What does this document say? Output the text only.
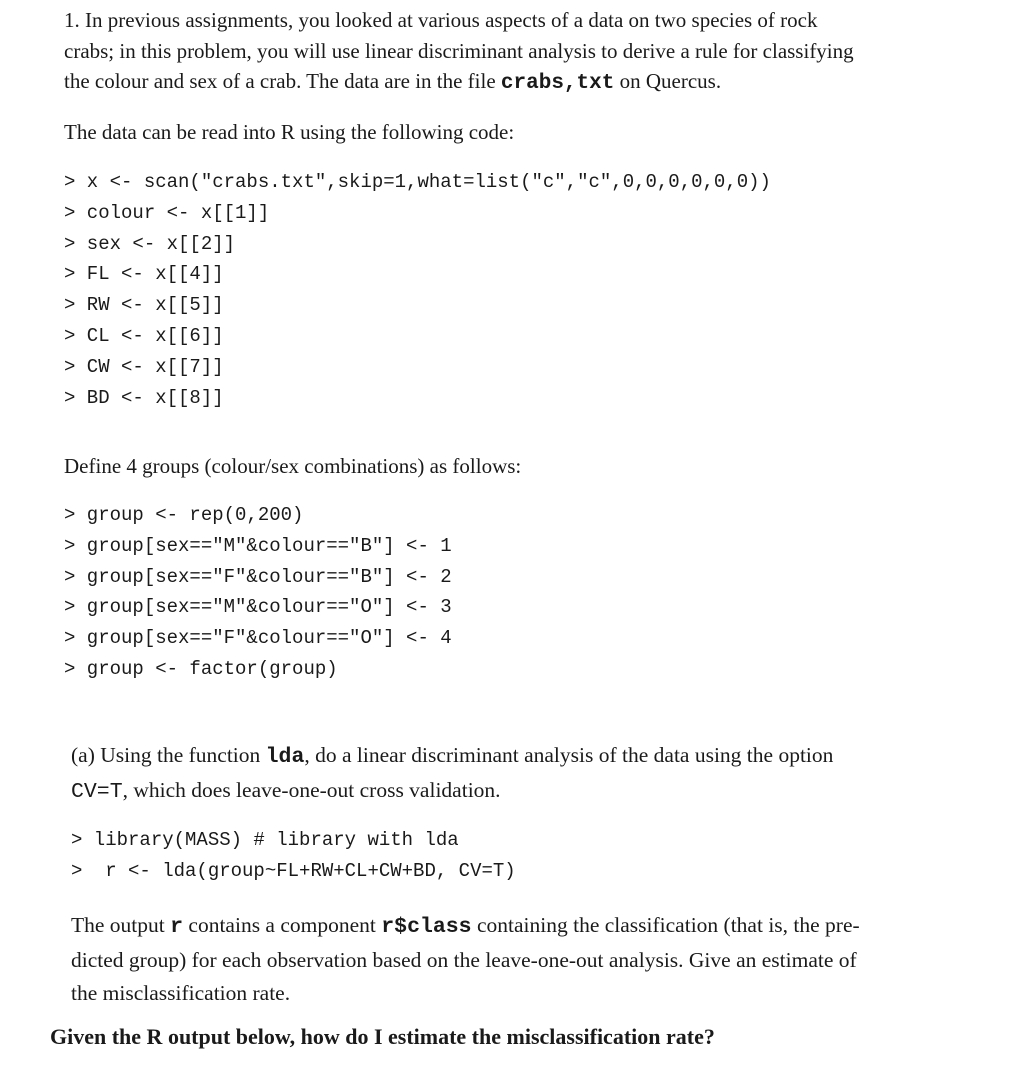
1. In previous assignments, you looked at various aspects of a data on two species of rock
crabs; in this problem, you will use linear discriminant analysis to derive a rule for classifying
the colour and sex of a crab. The data are in the file crabs,txt on Quercus.
The data can be read into R using the following code:
> x <- scan("crabs.txt",skip=1,what=list("c","c",0,0,0,0,0,0))
> colour <- x[[1]]
> sex <- x[[2]]
> FL <- x[[4]]
> RW <- x[[5]]
> CL <- x[[6]]
> CW <- x[[7]]
> BD <- x[[8]]
Define 4 groups (colour/sex combinations) as follows:
> group <- rep(0,200)
> group[sex=="M"&colour=="B"] <- 1
> group[sex=="F"&colour=="B"] <- 2
> group[sex=="M"&colour=="O"] <- 3
> group[sex=="F"&colour=="O"] <- 4
> group <- factor(group)
(a) Using the function lda, do a linear discriminant analysis of the data using the option
CV=T, which does leave-one-out cross validation.
> library(MASS) # library with lda
>  r <- lda(group~FL+RW+CL+CW+BD, CV=T)
The output r contains a component r$class containing the classification (that is, the pre-
dicted group) for each observation based on the leave-one-out analysis. Give an estimate of
the misclassification rate.
Given the R output below, how do I estimate the misclassification rate?
